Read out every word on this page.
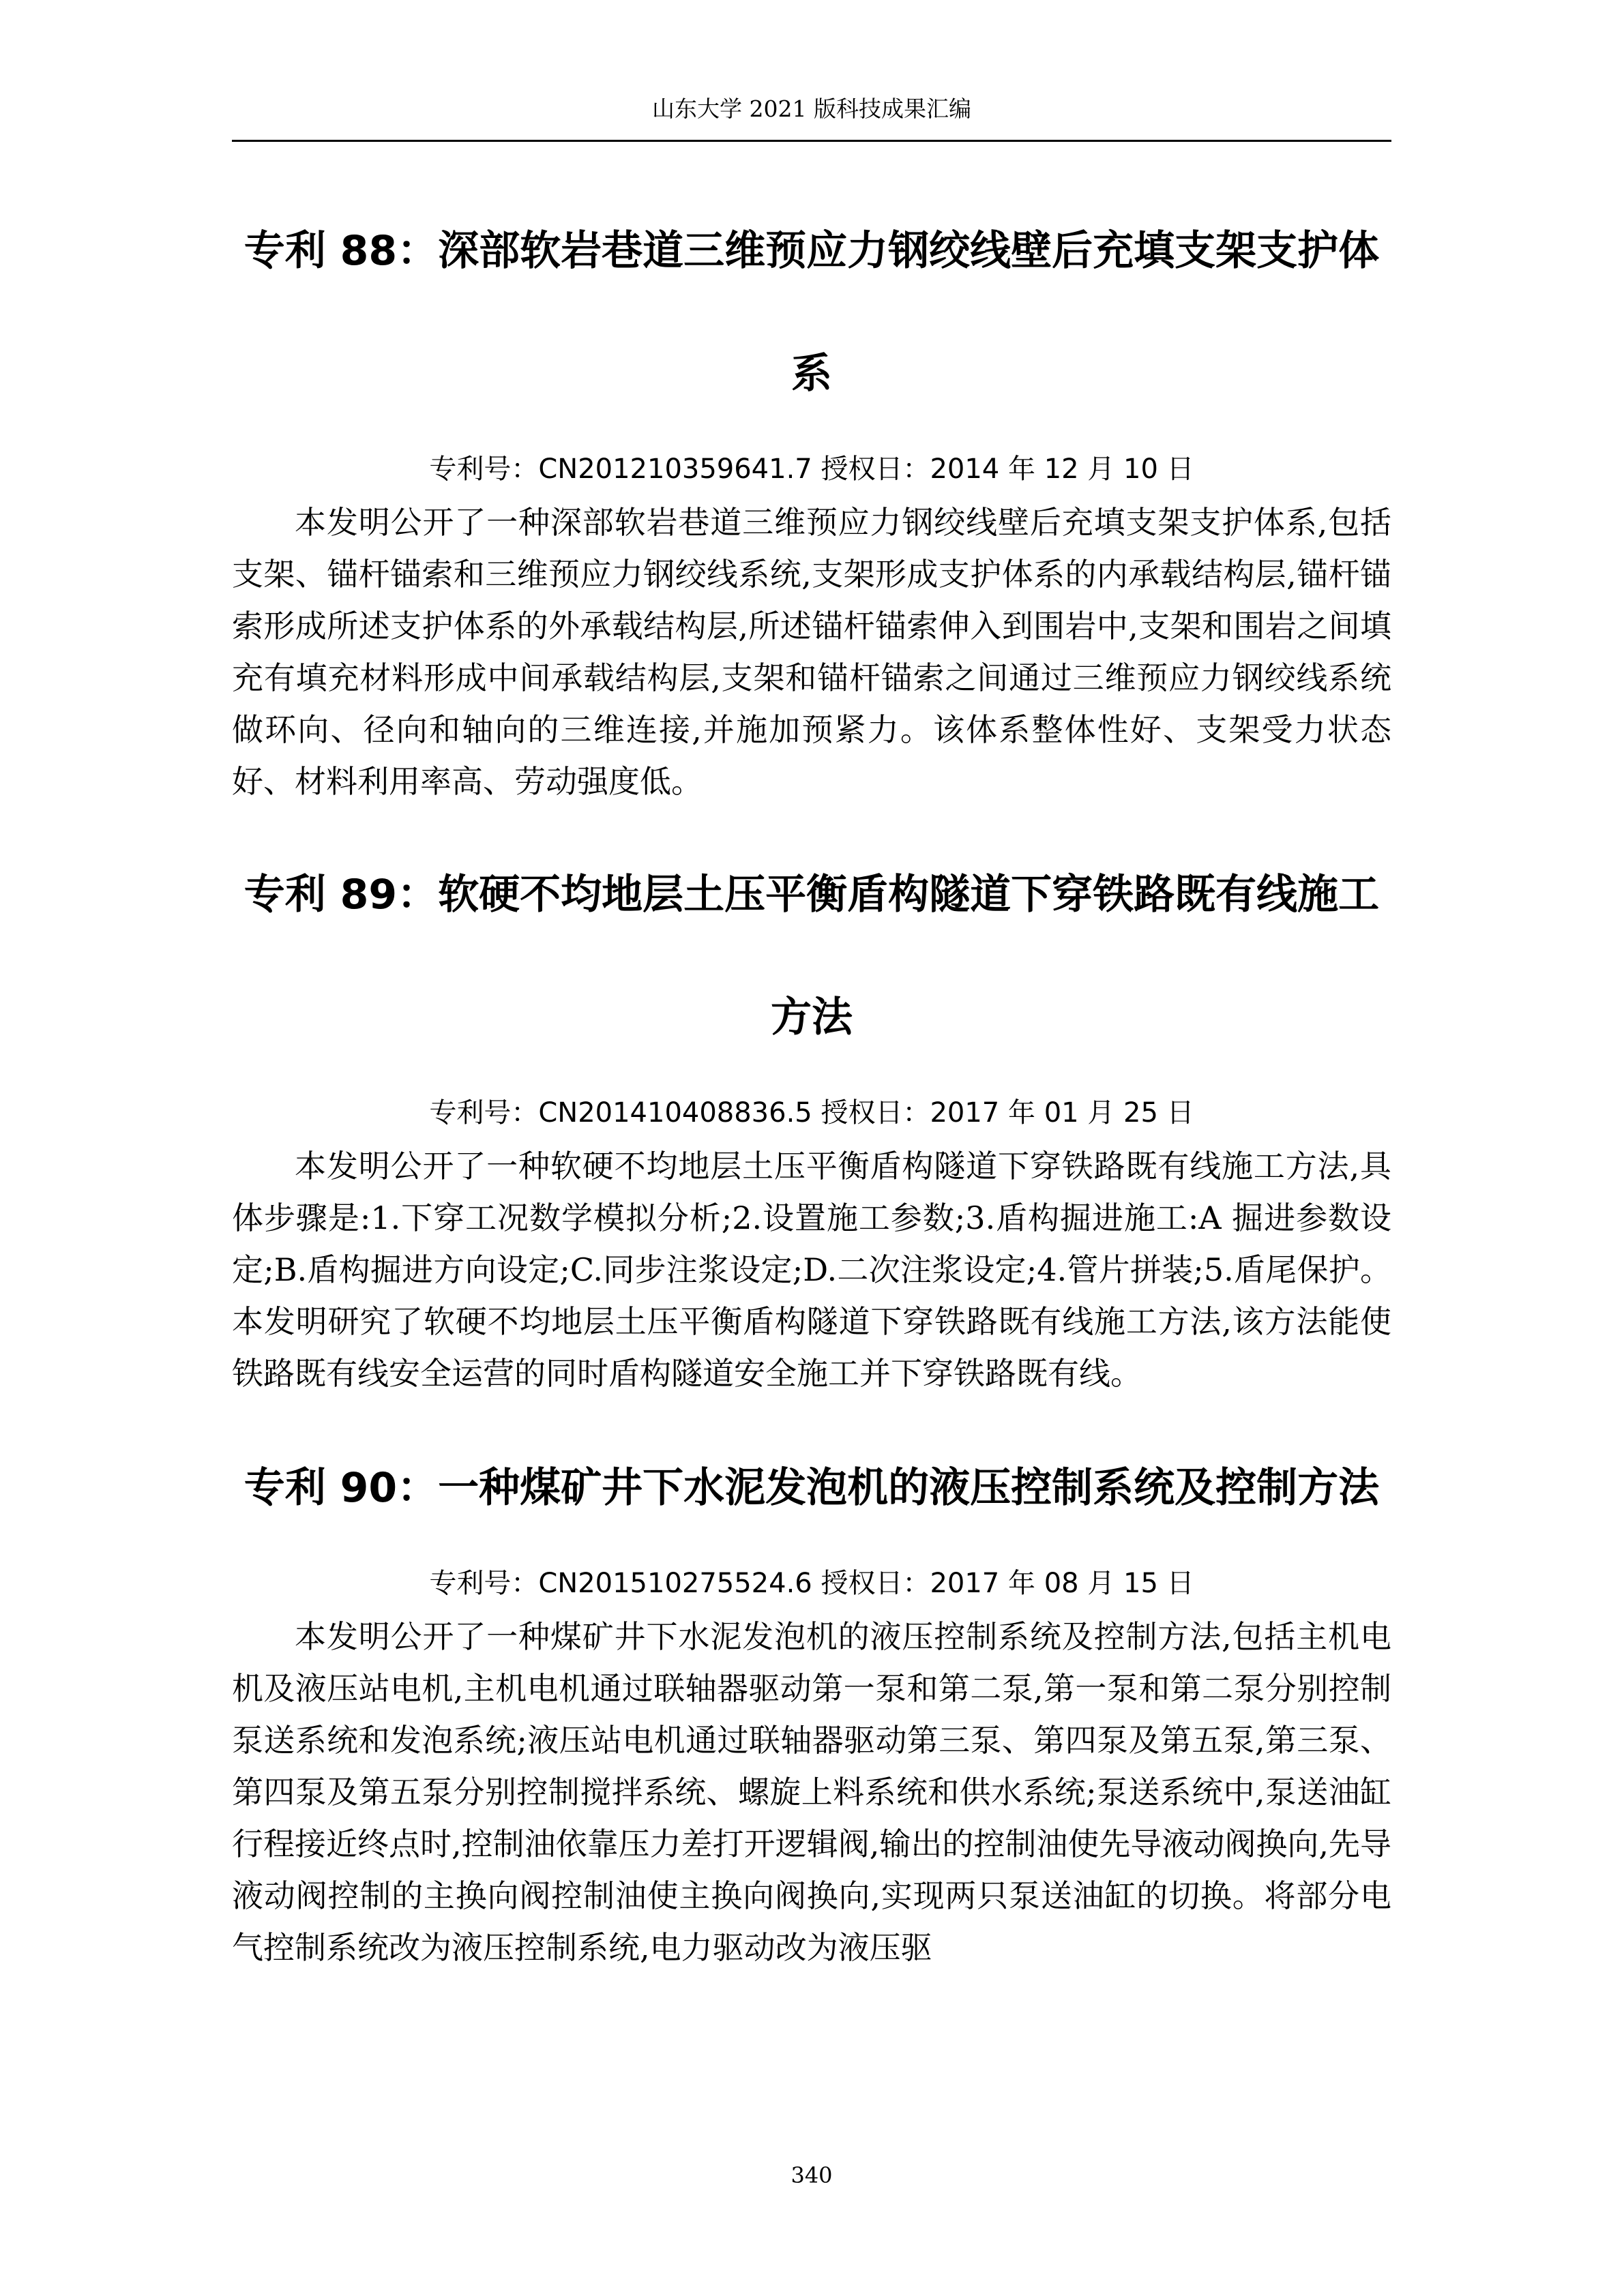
山东大学 2021 版科技成果汇编
专利 88：深部软岩巷道三维预应力钢绞线壁后充填支架支护体系

专利号：CN201210359641.7 授权日：2014 年 12 月 10 日

本发明公开了一种深部软岩巷道三维预应力钢绞线壁后充填支架支护体系,包括支架、锚杆锚索和三维预应力钢绞线系统,支架形成支护体系的内承载结构层,锚杆锚索形成所述支护体系的外承载结构层,所述锚杆锚索伸入到围岩中,支架和围岩之间填充有填充材料形成中间承载结构层,支架和锚杆锚索之间通过三维预应力钢绞线系统做环向、径向和轴向的三维连接,并施加预紧力。该体系整体性好、支架受力状态好、材料利用率高、劳动强度低。

专利 89：软硬不均地层土压平衡盾构隧道下穿铁路既有线施工方法

专利号：CN201410408836.5 授权日：2017 年 01 月 25 日

本发明公开了一种软硬不均地层土压平衡盾构隧道下穿铁路既有线施工方法,具体步骤是:1.下穿工况数学模拟分析;2.设置施工参数;3.盾构掘进施工:A 掘进参数设定;B.盾构掘进方向设定;C.同步注浆设定;D.二次注浆设定;4.管片拼装;5.盾尾保护。本发明研究了软硬不均地层土压平衡盾构隧道下穿铁路既有线施工方法,该方法能使铁路既有线安全运营的同时盾构隧道安全施工并下穿铁路既有线。

专利 90：一种煤矿井下水泥发泡机的液压控制系统及控制方法

专利号：CN201510275524.6 授权日：2017 年 08 月 15 日

本发明公开了一种煤矿井下水泥发泡机的液压控制系统及控制方法,包括主机电机及液压站电机,主机电机通过联轴器驱动第一泵和第二泵,第一泵和第二泵分别控制泵送系统和发泡系统;液压站电机通过联轴器驱动第三泵、第四泵及第五泵,第三泵、第四泵及第五泵分别控制搅拌系统、螺旋上料系统和供水系统;泵送系统中,泵送油缸行程接近终点时,控制油依靠压力差打开逻辑阀,输出的控制油使先导液动阀换向,先导液动阀控制的主换向阀控制油使主换向阀换向,实现两只泵送油缸的切换。将部分电气控制系统改为液压控制系统,电力驱动改为液压驱

340
